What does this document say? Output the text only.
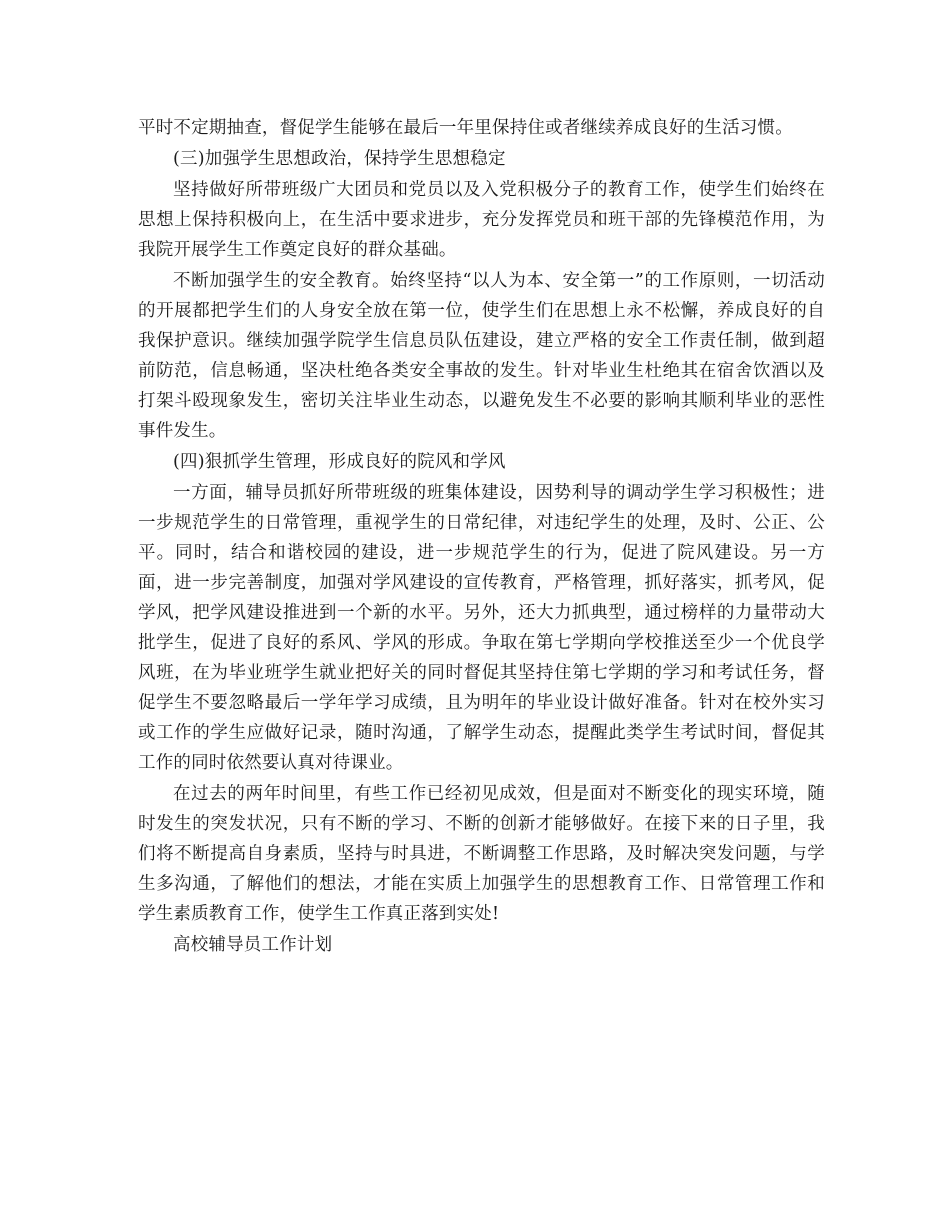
平时不定期抽查，督促学生能够在最后一年里保持住或者继续养成良好的生活习惯。

(三)加强学生思想政治，保持学生思想稳定

坚持做好所带班级广大团员和党员以及入党积极分子的教育工作，使学生们始终在思想上保持积极向上，在生活中要求进步，充分发挥党员和班干部的先锋模范作用，为我院开展学生工作奠定良好的群众基础。

不断加强学生的安全教育。始终坚持“以人为本、安全第一”的工作原则，一切活动的开展都把学生们的人身安全放在第一位，使学生们在思想上永不松懈，养成良好的自我保护意识。继续加强学院学生信息员队伍建设，建立严格的安全工作责任制，做到超前防范，信息畅通，坚决杜绝各类安全事故的发生。针对毕业生杜绝其在宿舍饮酒以及打架斗殴现象发生，密切关注毕业生动态，以避免发生不必要的影响其顺利毕业的恶性事件发生。

(四)狠抓学生管理，形成良好的院风和学风

一方面，辅导员抓好所带班级的班集体建设，因势利导的调动学生学习积极性；进一步规范学生的日常管理，重视学生的日常纪律，对违纪学生的处理，及时、公正、公平。同时，结合和谐校园的建设，进一步规范学生的行为，促进了院风建设。另一方面，进一步完善制度，加强对学风建设的宣传教育，严格管理，抓好落实，抓考风，促学风，把学风建设推进到一个新的水平。另外，还大力抓典型，通过榜样的力量带动大批学生，促进了良好的系风、学风的形成。争取在第七学期向学校推送至少一个优良学风班，在为毕业班学生就业把好关的同时督促其坚持住第七学期的学习和考试任务，督促学生不要忽略最后一学年学习成绩，且为明年的毕业设计做好准备。针对在校外实习或工作的学生应做好记录，随时沟通，了解学生动态，提醒此类学生考试时间，督促其工作的同时依然要认真对待课业。

在过去的两年时间里，有些工作已经初见成效，但是面对不断变化的现实环境，随时发生的突发状况，只有不断的学习、不断的创新才能够做好。在接下来的日子里，我们将不断提高自身素质，坚持与时具进，不断调整工作思路，及时解决突发问题，与学生多沟通，了解他们的想法，才能在实质上加强学生的思想教育工作、日常管理工作和学生素质教育工作，使学生工作真正落到实处!

高校辅导员工作计划
